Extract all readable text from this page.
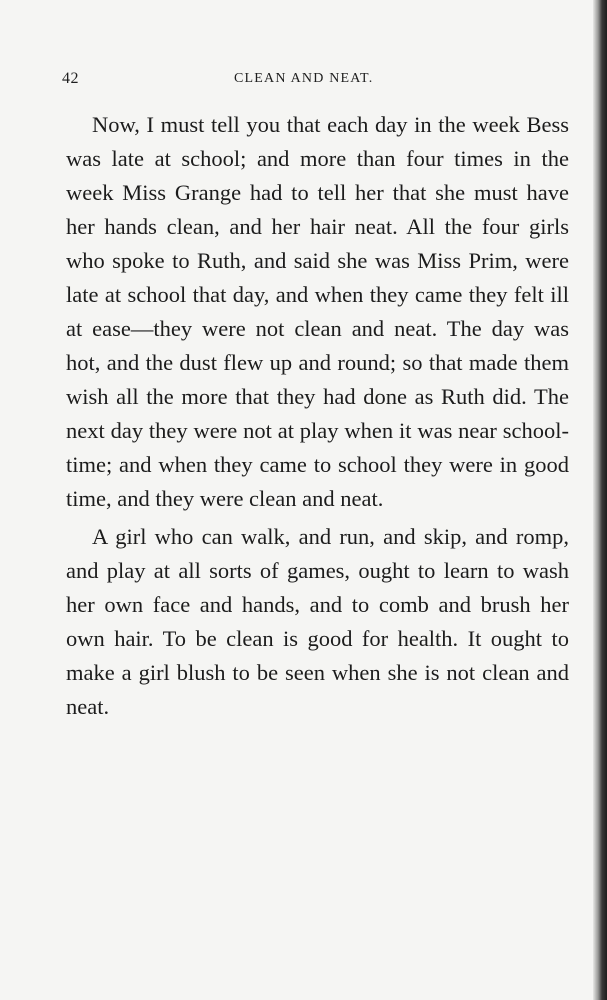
42	CLEAN AND NEAT.

Now, I must tell you that each day in the week Bess was late at school; and more than four times in the week Miss Grange had to tell her that she must have her hands clean, and her hair neat. All the four girls who spoke to Ruth, and said she was Miss Prim, were late at school that day, and when they came they felt ill at ease—they were not clean and neat. The day was hot, and the dust flew up and round; so that made them wish all the more that they had done as Ruth did. The next day they were not at play when it was near school-time; and when they came to school they were in good time, and they were clean and neat.

A girl who can walk, and run, and skip, and romp, and play at all sorts of games, ought to learn to wash her own face and hands, and to comb and brush her own hair. To be clean is good for health. It ought to make a girl blush to be seen when she is not clean and neat.
